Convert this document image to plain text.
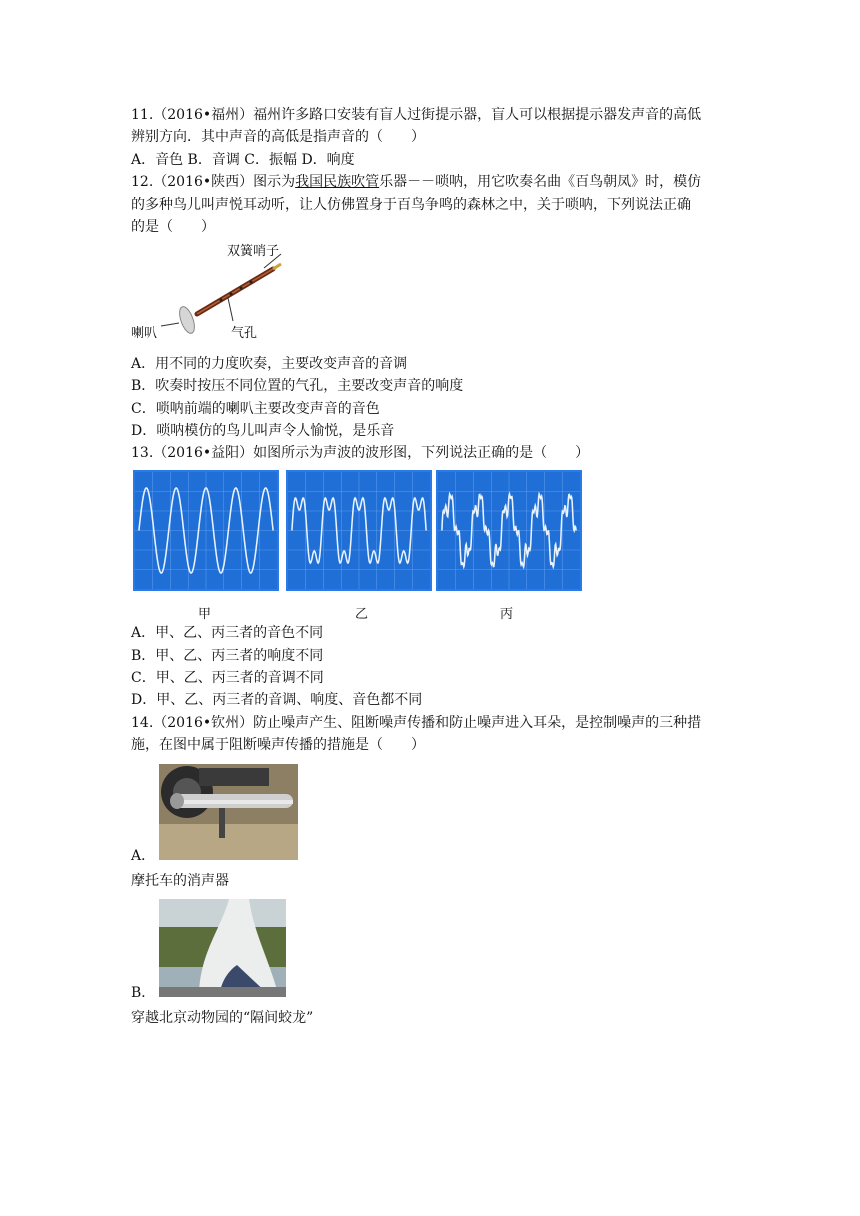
11.（2016•福州）福州许多路口安装有盲人过街提示器，盲人可以根据提示器发声音的高低
辨别方向．其中声音的高低是指声音的（　　）
A．音色 B．音调 C．振幅 D．响度
12.（2016•陕西）图示为我国民族吹管乐器－－唢呐，用它吹奏名曲《百鸟朝凤》时，模仿
的多种鸟儿叫声悦耳动听，让人仿佛置身于百鸟争鸣的森林之中，关于唢呐，下列说法正确
的是（　　）
双簧哨子
喇叭	气孔
A．用不同的力度吹奏，主要改变声音的音调
B．吹奏时按压不同位置的气孔，主要改变声音的响度
C．唢呐前端的喇叭主要改变声音的音色
D．唢呐模仿的鸟儿叫声令人愉悦，是乐音
13.（2016•益阳）如图所示为声波的波形图，下列说法正确的是（　　）
甲	乙	丙
A．甲、乙、丙三者的音色不同
B．甲、乙、丙三者的响度不同
C．甲、乙、丙三者的音调不同
D．甲、乙、丙三者的音调、响度、音色都不同
14.（2016•钦州）防止噪声产生、阻断噪声传播和防止噪声进入耳朵，是控制噪声的三种措
施，在图中属于阻断噪声传播的措施是（　　）
A．
摩托车的消声器
B．
穿越北京动物园的“隔间蛟龙”
